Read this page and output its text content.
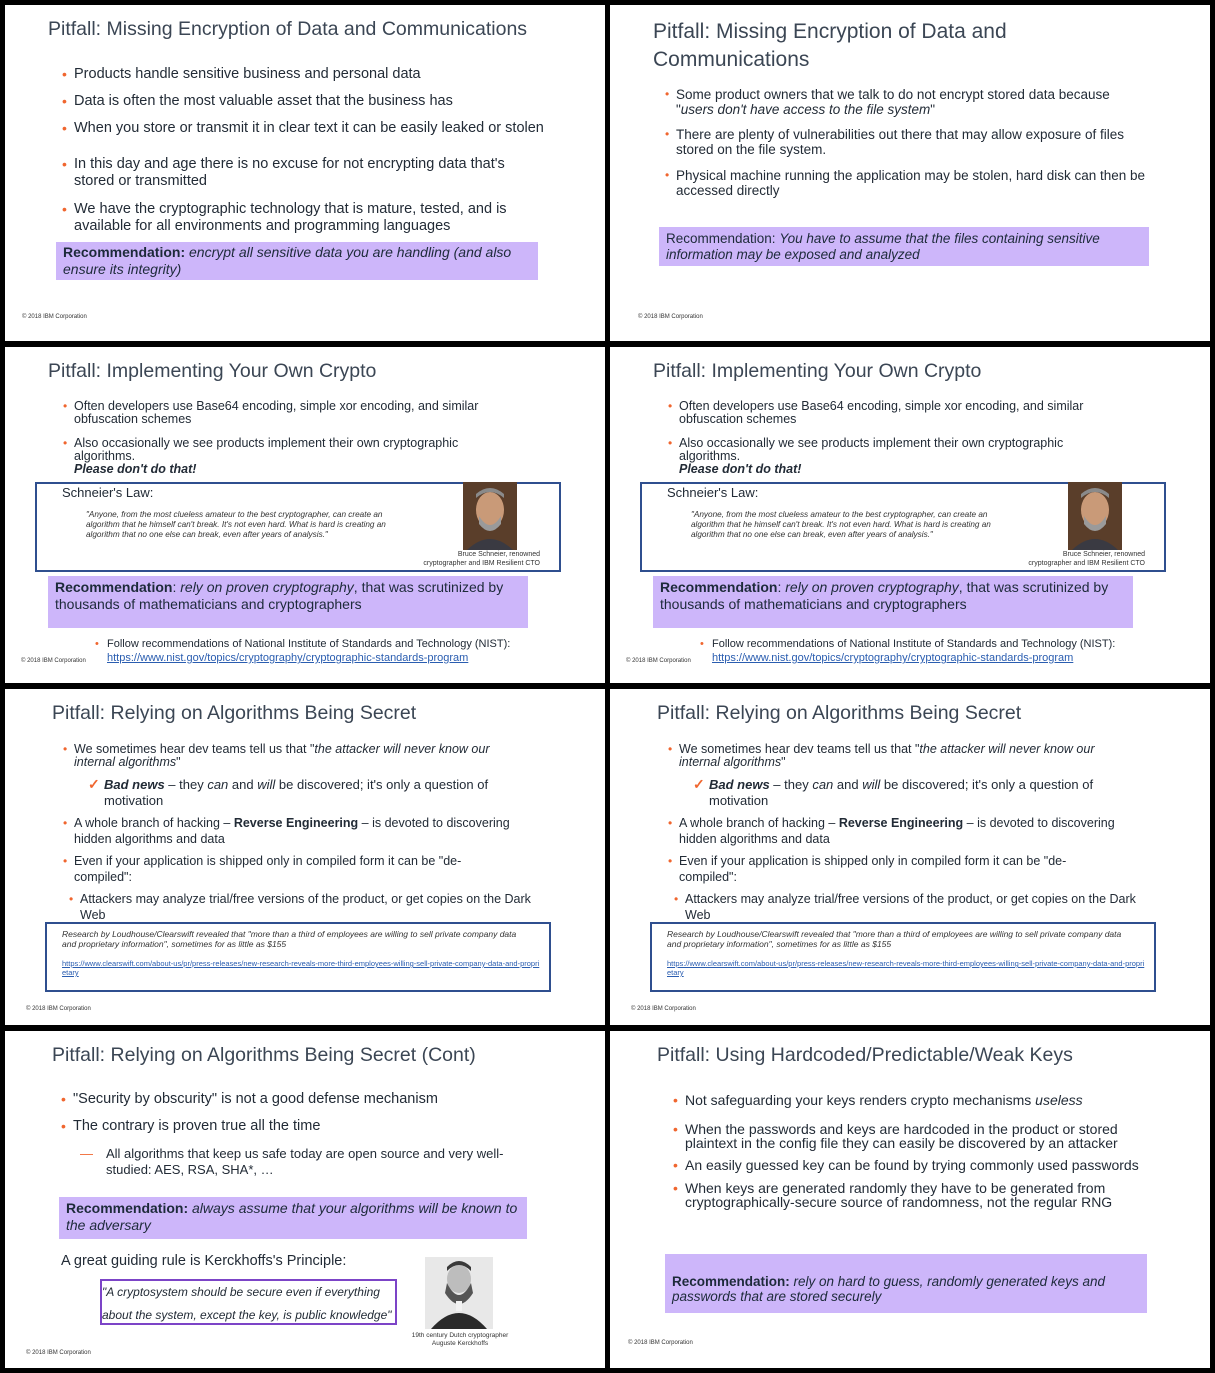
Pitfall: Missing Encryption of Data and Communications
• Products handle sensitive business and personal data
• Data is often the most valuable asset that the business has
• When you store or transmit it in clear text it can be easily leaked or stolen
• In this day and age there is no excuse for not encrypting data that's stored or transmitted
• We have the cryptographic technology that is mature, tested, and is available for all environments and programming languages
Recommendation: encrypt all sensitive data you are handling (and also ensure its integrity)
© 2018 IBM Corporation
Pitfall: Missing Encryption of Data and Communications
• Some product owners that we talk to do not encrypt stored data because "users don't have access to the file system"
• There are plenty of vulnerabilities out there that may allow exposure of files stored on the file system.
• Physical machine running the application may be stolen, hard disk can then be accessed directly
Recommendation: You have to assume that the files containing sensitive information may be exposed and analyzed
© 2018 IBM Corporation
Pitfall: Implementing Your Own Crypto
• Often developers use Base64 encoding, simple xor encoding, and similar obfuscation schemes
• Also occasionally we see products implement their own cryptographic algorithms.
Please don't do that!
Schneier's Law:
"Anyone, from the most clueless amateur to the best cryptographer, can create an algorithm that he himself can't break. It's not even hard. What is hard is creating an algorithm that no one else can break, even after years of analysis."
Bruce Schneier, renowned
cryptographer and IBM Resilient CTO
Recommendation: rely on proven cryptography, that was scrutinized by thousands of mathematicians and cryptographers
• Follow recommendations of National Institute of Standards and Technology (NIST):
https://www.nist.gov/topics/cryptography/cryptographic-standards-program
© 2018 IBM Corporation
Pitfall: Implementing Your Own Crypto
• Often developers use Base64 encoding, simple xor encoding, and similar obfuscation schemes
• Also occasionally we see products implement their own cryptographic algorithms.
Please don't do that!
Schneier's Law:
"Anyone, from the most clueless amateur to the best cryptographer, can create an algorithm that he himself can't break. It's not even hard. What is hard is creating an algorithm that no one else can break, even after years of analysis."
Bruce Schneier, renowned
cryptographer and IBM Resilient CTO
Recommendation: rely on proven cryptography, that was scrutinized by thousands of mathematicians and cryptographers
• Follow recommendations of National Institute of Standards and Technology (NIST):
https://www.nist.gov/topics/cryptography/cryptographic-standards-program
© 2018 IBM Corporation
Pitfall: Relying on Algorithms Being Secret
• We sometimes hear dev teams tell us that "the attacker will never know our internal algorithms"
✓ Bad news – they can and will be discovered; it's only a question of motivation
• A whole branch of hacking – Reverse Engineering – is devoted to discovering hidden algorithms and data
• Even if your application is shipped only in compiled form it can be "de-compiled":
• Attackers may analyze trial/free versions of the product, or get copies on the Dark Web
Research by Loudhouse/Clearswift revealed that "more than a third of employees are willing to sell private company data and proprietary information", sometimes for as little as $155
https://www.clearswift.com/about-us/pr/press-releases/new-research-reveals-more-third-employees-willing-sell-private-company-data-and-proprietary
© 2018 IBM Corporation
Pitfall: Relying on Algorithms Being Secret
• We sometimes hear dev teams tell us that "the attacker will never know our internal algorithms"
✓ Bad news – they can and will be discovered; it's only a question of motivation
• A whole branch of hacking – Reverse Engineering – is devoted to discovering hidden algorithms and data
• Even if your application is shipped only in compiled form it can be "de-compiled":
• Attackers may analyze trial/free versions of the product, or get copies on the Dark Web
Research by Loudhouse/Clearswift revealed that "more than a third of employees are willing to sell private company data and proprietary information", sometimes for as little as $155
https://www.clearswift.com/about-us/pr/press-releases/new-research-reveals-more-third-employees-willing-sell-private-company-data-and-proprietary
© 2018 IBM Corporation
Pitfall: Relying on Algorithms Being Secret (Cont)
• "Security by obscurity" is not a good defense mechanism
• The contrary is proven true all the time
— All algorithms that keep us safe today are open source and very well-studied: AES, RSA, SHA*, …
Recommendation: always assume that your algorithms will be known to the adversary
A great guiding rule is Kerckhoffs's Principle:
"A cryptosystem should be secure even if everything
about the system, except the key, is public knowledge"
19th century Dutch cryptographer
Auguste Kerckhoffs
© 2018 IBM Corporation
Pitfall: Using Hardcoded/Predictable/Weak Keys
• Not safeguarding your keys renders crypto mechanisms useless
• When the passwords and keys are hardcoded in the product or stored plaintext in the config file they can easily be discovered by an attacker
• An easily guessed key can be found by trying commonly used passwords
• When keys are generated randomly they have to be generated from cryptographically-secure source of randomness, not the regular RNG
Recommendation: rely on hard to guess, randomly generated keys and passwords that are stored securely
© 2018 IBM Corporation
